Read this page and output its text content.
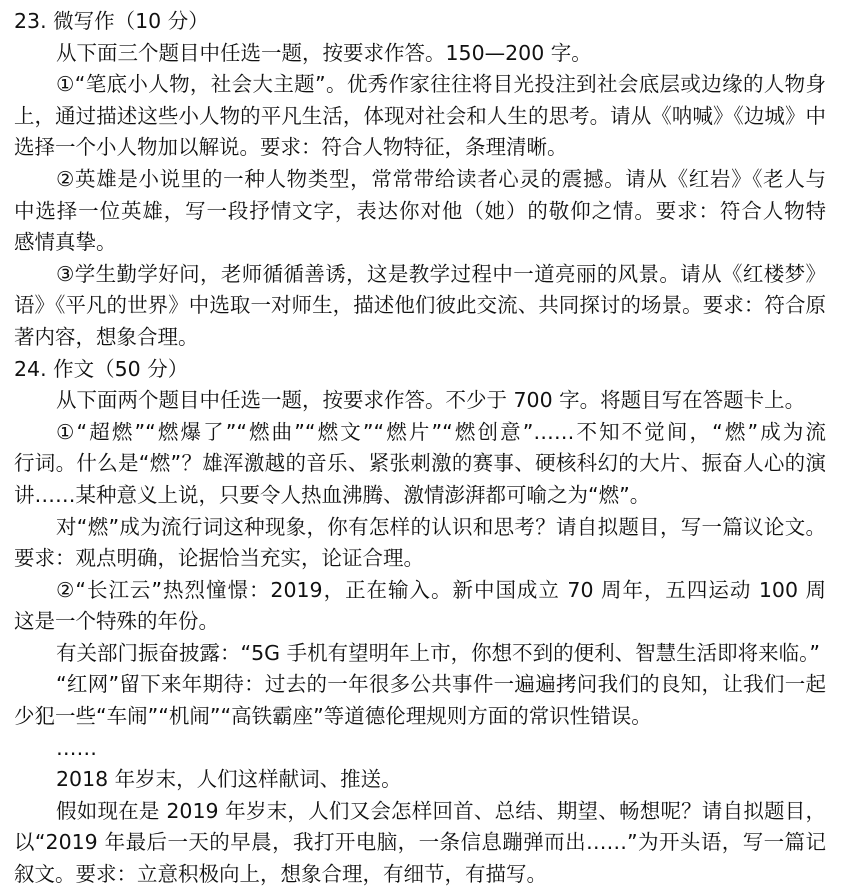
23. 微写作（10 分）
从下面三个题目中任选一题，按要求作答。150—200 字。
①“笔底小人物，社会大主题”。优秀作家往往将目光投注到社会底层或边缘的人物身
上，通过描述这些小人物的平凡生活，体现对社会和人生的思考。请从《呐喊》《边城》中
选择一个小人物加以解说。要求：符合人物特征，条理清晰。
②英雄是小说里的一种人物类型，常常带给读者心灵的震撼。请从《红岩》《老人与
中选择一位英雄，写一段抒情文字，表达你对他（她）的敬仰之情。要求：符合人物特
感情真挚。
③学生勤学好问，老师循循善诱，这是教学过程中一道亮丽的风景。请从《红楼梦》
语》《平凡的世界》中选取一对师生，描述他们彼此交流、共同探讨的场景。要求：符合原
著内容，想象合理。
24. 作文（50 分）
从下面两个题目中任选一题，按要求作答。不少于 700 字。将题目写在答题卡上。
①“超燃”“燃爆了”“燃曲”“燃文”“燃片”“燃创意”……不知不觉间，“燃”成为流
行词。什么是“燃”？雄浑激越的音乐、紧张刺激的赛事、硬核科幻的大片、振奋人心的演
讲……某种意义上说，只要令人热血沸腾、激情澎湃都可喻之为“燃”。
对“燃”成为流行词这种现象，你有怎样的认识和思考？请自拟题目，写一篇议论文。
要求：观点明确，论据恰当充实，论证合理。
②“长江云”热烈憧憬：2019，正在输入。新中国成立 70 周年，五四运动 100 周
这是一个特殊的年份。
有关部门振奋披露：“5G 手机有望明年上市，你想不到的便利、智慧生活即将来临。”
“红网”留下来年期待：过去的一年很多公共事件一遍遍拷问我们的良知，让我们一起
少犯一些“车闹”“机闹”“高铁霸座”等道德伦理规则方面的常识性错误。
……
2018 年岁末，人们这样献词、推送。
假如现在是 2019 年岁末，人们又会怎样回首、总结、期望、畅想呢？请自拟题目，
以“2019 年最后一天的早晨，我打开电脑，一条信息蹦弹而出……”为开头语，写一篇记
叙文。要求：立意积极向上，想象合理，有细节，有描写。
